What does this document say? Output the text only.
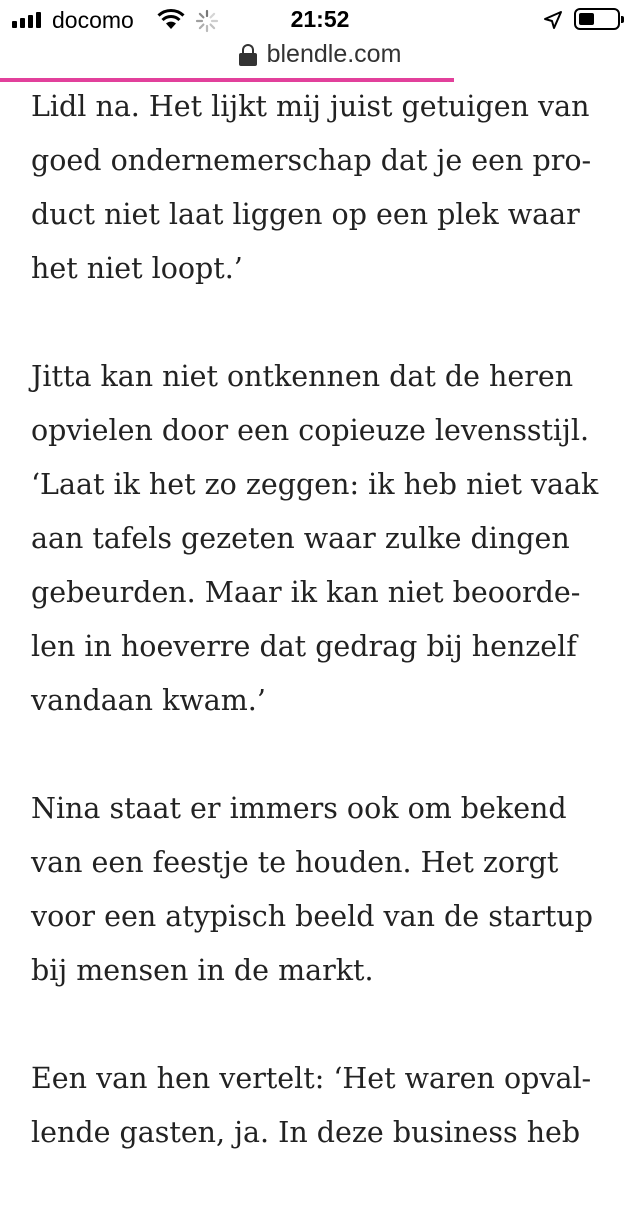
docomo	21:52
blendle.com

Lidl na. Het lijkt mij juist getuigen van
goed ondernemerschap dat je een pro-
duct niet laat liggen op een plek waar
het niet loopt.’

Jitta kan niet ontkennen dat de heren
opvielen door een copieuze levensstijl.
‘Laat ik het zo zeggen: ik heb niet vaak
aan tafels gezeten waar zulke dingen
gebeurden. Maar ik kan niet beoorde-
len in hoeverre dat gedrag bij henzelf
vandaan kwam.’

Nina staat er immers ook om bekend
van een feestje te houden. Het zorgt
voor een atypisch beeld van de startup
bij mensen in de markt.

Een van hen vertelt: ‘Het waren opval-
lende gasten, ja. In deze business heb
